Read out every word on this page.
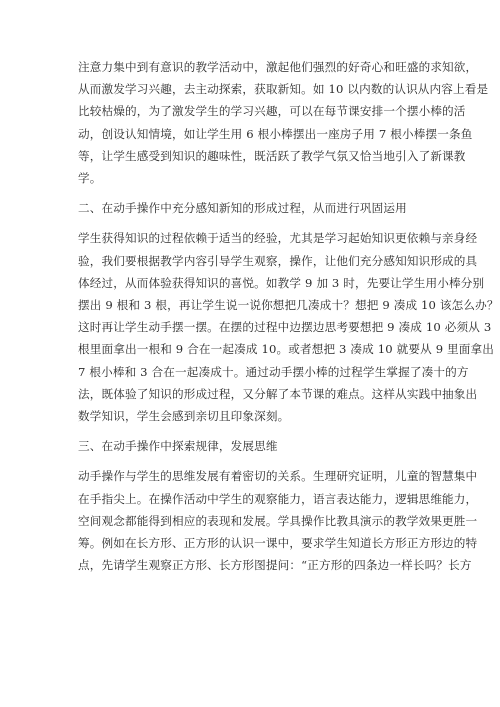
注意力集中到有意识的教学活动中，激起他们强烈的好奇心和旺盛的求知欲，
从而激发学习兴趣，去主动探索，获取新知。如 10 以内数的认识从内容上看是
比较枯燥的，为了激发学生的学习兴趣，可以在每节课安排一个摆小棒的活
动，创设认知情境，如让学生用 6 根小棒摆出一座房子用 7 根小棒摆一条鱼
等，让学生感受到知识的趣味性，既活跃了教学气氛又恰当地引入了新课教
学。

二、在动手操作中充分感知新知的形成过程，从而进行巩固运用

学生获得知识的过程依赖于适当的经验，尤其是学习起始知识更依赖与亲身经
验，我们要根据教学内容引导学生观察，操作，让他们充分感知知识形成的具
体经过，从而体验获得知识的喜悦。如教学 9 加 3 时，先要让学生用小棒分别
摆出 9 根和 3 根，再让学生说一说你想把几凑成十？想把 9 凑成 10 该怎么办？
这时再让学生动手摆一摆。在摆的过程中边摆边思考要想把 9 凑成 10 必须从 3
根里面拿出一根和 9 合在一起凑成 10。或者想把 3 凑成 10 就要从 9 里面拿出
7 根小棒和 3 合在一起凑成十。通过动手摆小棒的过程学生掌握了凑十的方
法，既体验了知识的形成过程，又分解了本节课的难点。这样从实践中抽象出
数学知识，学生会感到亲切且印象深刻。

三、在动手操作中探索规律，发展思维

动手操作与学生的思维发展有着密切的关系。生理研究证明，儿童的智慧集中
在手指尖上。在操作活动中学生的观察能力，语言表达能力，逻辑思维能力，
空间观念都能得到相应的表现和发展。学具操作比教具演示的教学效果更胜一
筹。例如在长方形、正方形的认识一课中，要求学生知道长方形正方形边的特
点，先请学生观察正方形、长方形图提问：“正方形的四条边一样长吗？长方
